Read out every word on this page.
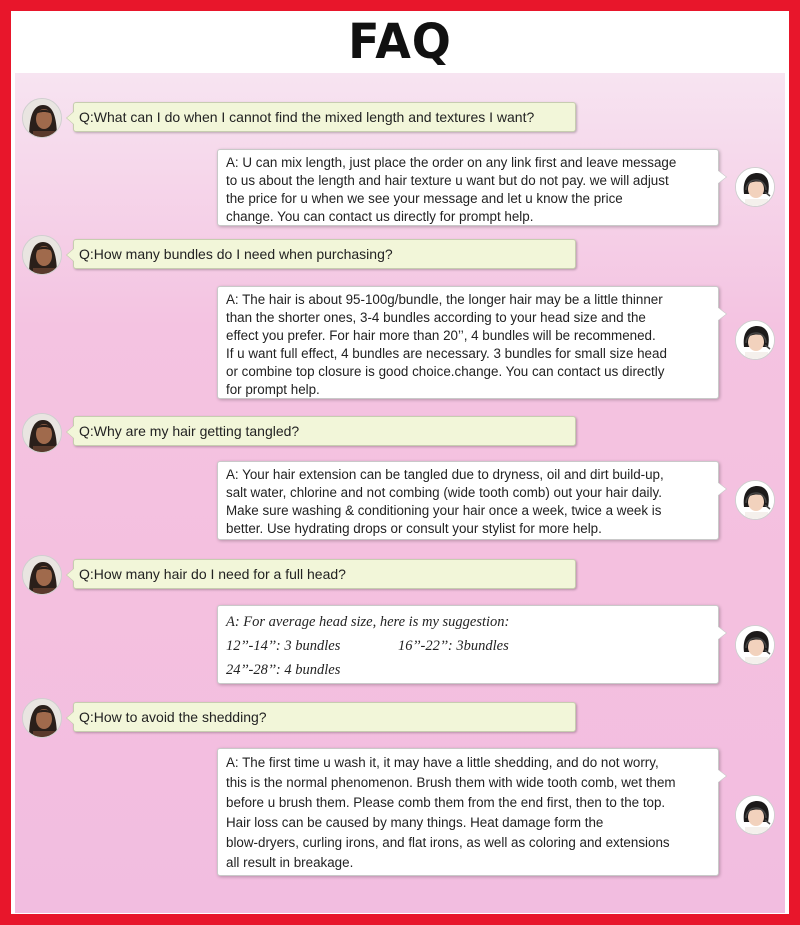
FAQ
Q:What can I do when I cannot find the mixed length and textures I want?
A: U can mix length, just place the order on any link first and leave message
to us about the length and hair texture u want but do not pay. we will adjust
the price for u when we see your message and let u know the price
change. You can contact us directly for prompt help.
Q:How many bundles do I need when purchasing?
A: The hair is about 95-100g/bundle, the longer hair may be a little thinner
than the shorter ones, 3-4 bundles according to your head size and the
effect you prefer. For hair more than 20’’, 4 bundles will be recommened.
If u want full effect, 4 bundles are necessary. 3 bundles for small size head
or combine top closure is good choice.change. You can contact us directly
for prompt help.
Q:Why are my hair getting tangled?
A: Your hair extension can be tangled due to dryness, oil and dirt build-up,
salt water, chlorine and not combing (wide tooth comb) out your hair daily.
Make sure washing & conditioning your hair once a week, twice a week is
better. Use hydrating drops or consult your stylist for more help.
Q:How many hair do I need for a full head?
A: For average head size, here is my suggestion:
12’’-14’’: 3 bundles	16’’-22’’: 3bundles
24’’-28’’: 4 bundles
Q:How to avoid the shedding?
A: The first time u wash it, it may have a little shedding, and do not worry,
this is the normal phenomenon. Brush them with wide tooth comb, wet them
before u brush them. Please comb them from the end first, then to the top.
Hair loss can be caused by many things. Heat damage form the
blow-dryers, curling irons, and flat irons, as well as coloring and extensions
all result in breakage.
